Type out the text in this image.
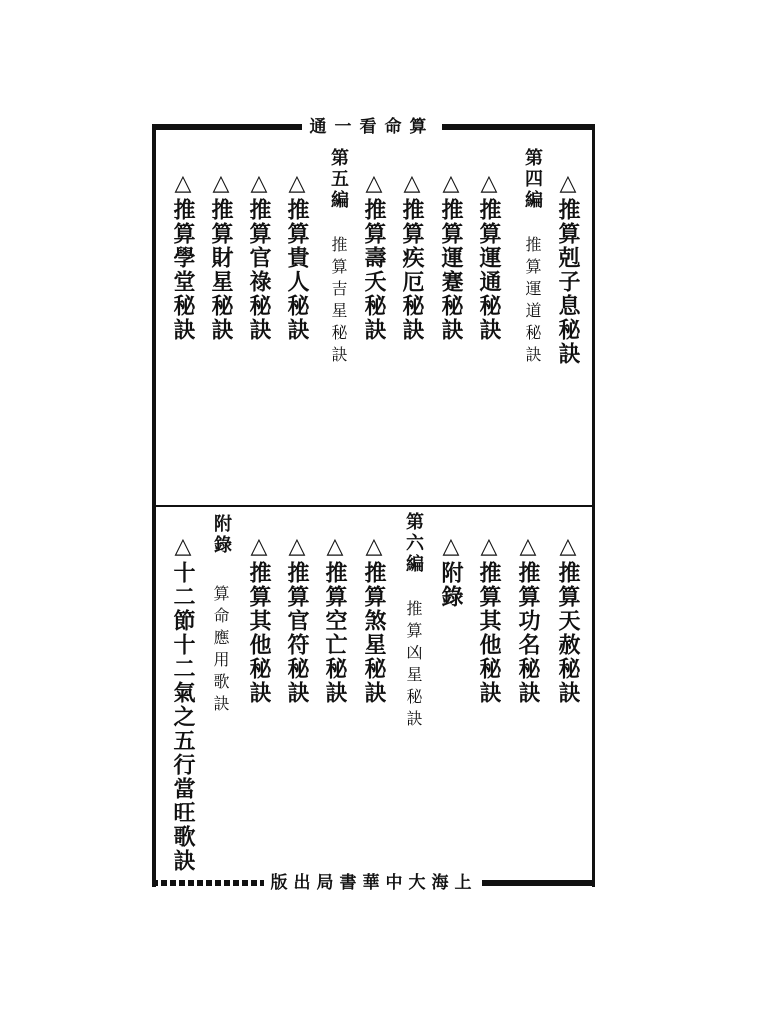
通一看命算
版出局書華中大海上
△推算剋子息秘訣
第四編
推算運道秘訣
△推算運通秘訣
△推算運蹇秘訣
△推算疾厄秘訣
△推算壽夭秘訣
第五編
推算吉星秘訣
△推算貴人秘訣
△推算官祿秘訣
△推算財星秘訣
△推算學堂秘訣
△推算天赦秘訣
△推算功名秘訣
△推算其他秘訣
△附錄
第六編
推算凶星秘訣
△推算煞星秘訣
△推算空亡秘訣
△推算官符秘訣
△推算其他秘訣
附錄
算命應用歌訣
△十二節十二氣之五行當旺歌訣
